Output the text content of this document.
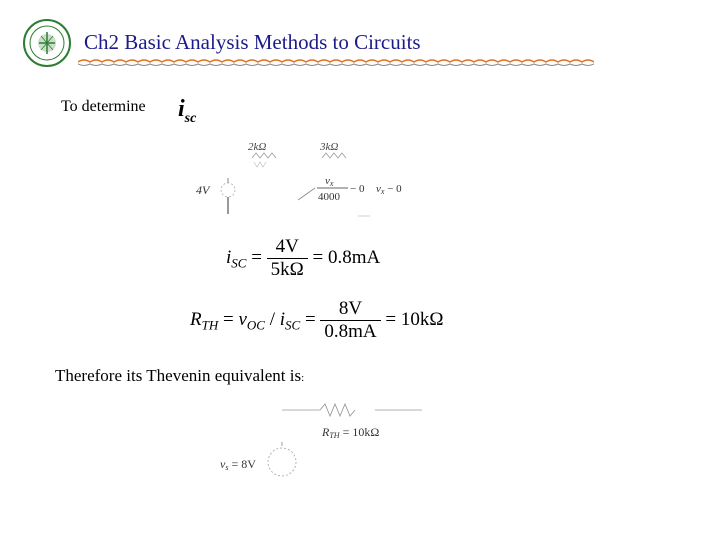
Ch2 Basic Analysis Methods to Circuits
To determine $i_{sc}$
2kΩ	3kΩ
4V
vx
4000
− 0 vx − 0
$i_{SC} = \frac{4V}{5k\Omega} = 0.8mA$
$R_{TH} = v_{OC} / i_{SC} = \frac{8V}{0.8mA} = 10k\Omega$
Therefore its Thevenin equivalent is:
RTH = 10kΩ
vs = 8V
